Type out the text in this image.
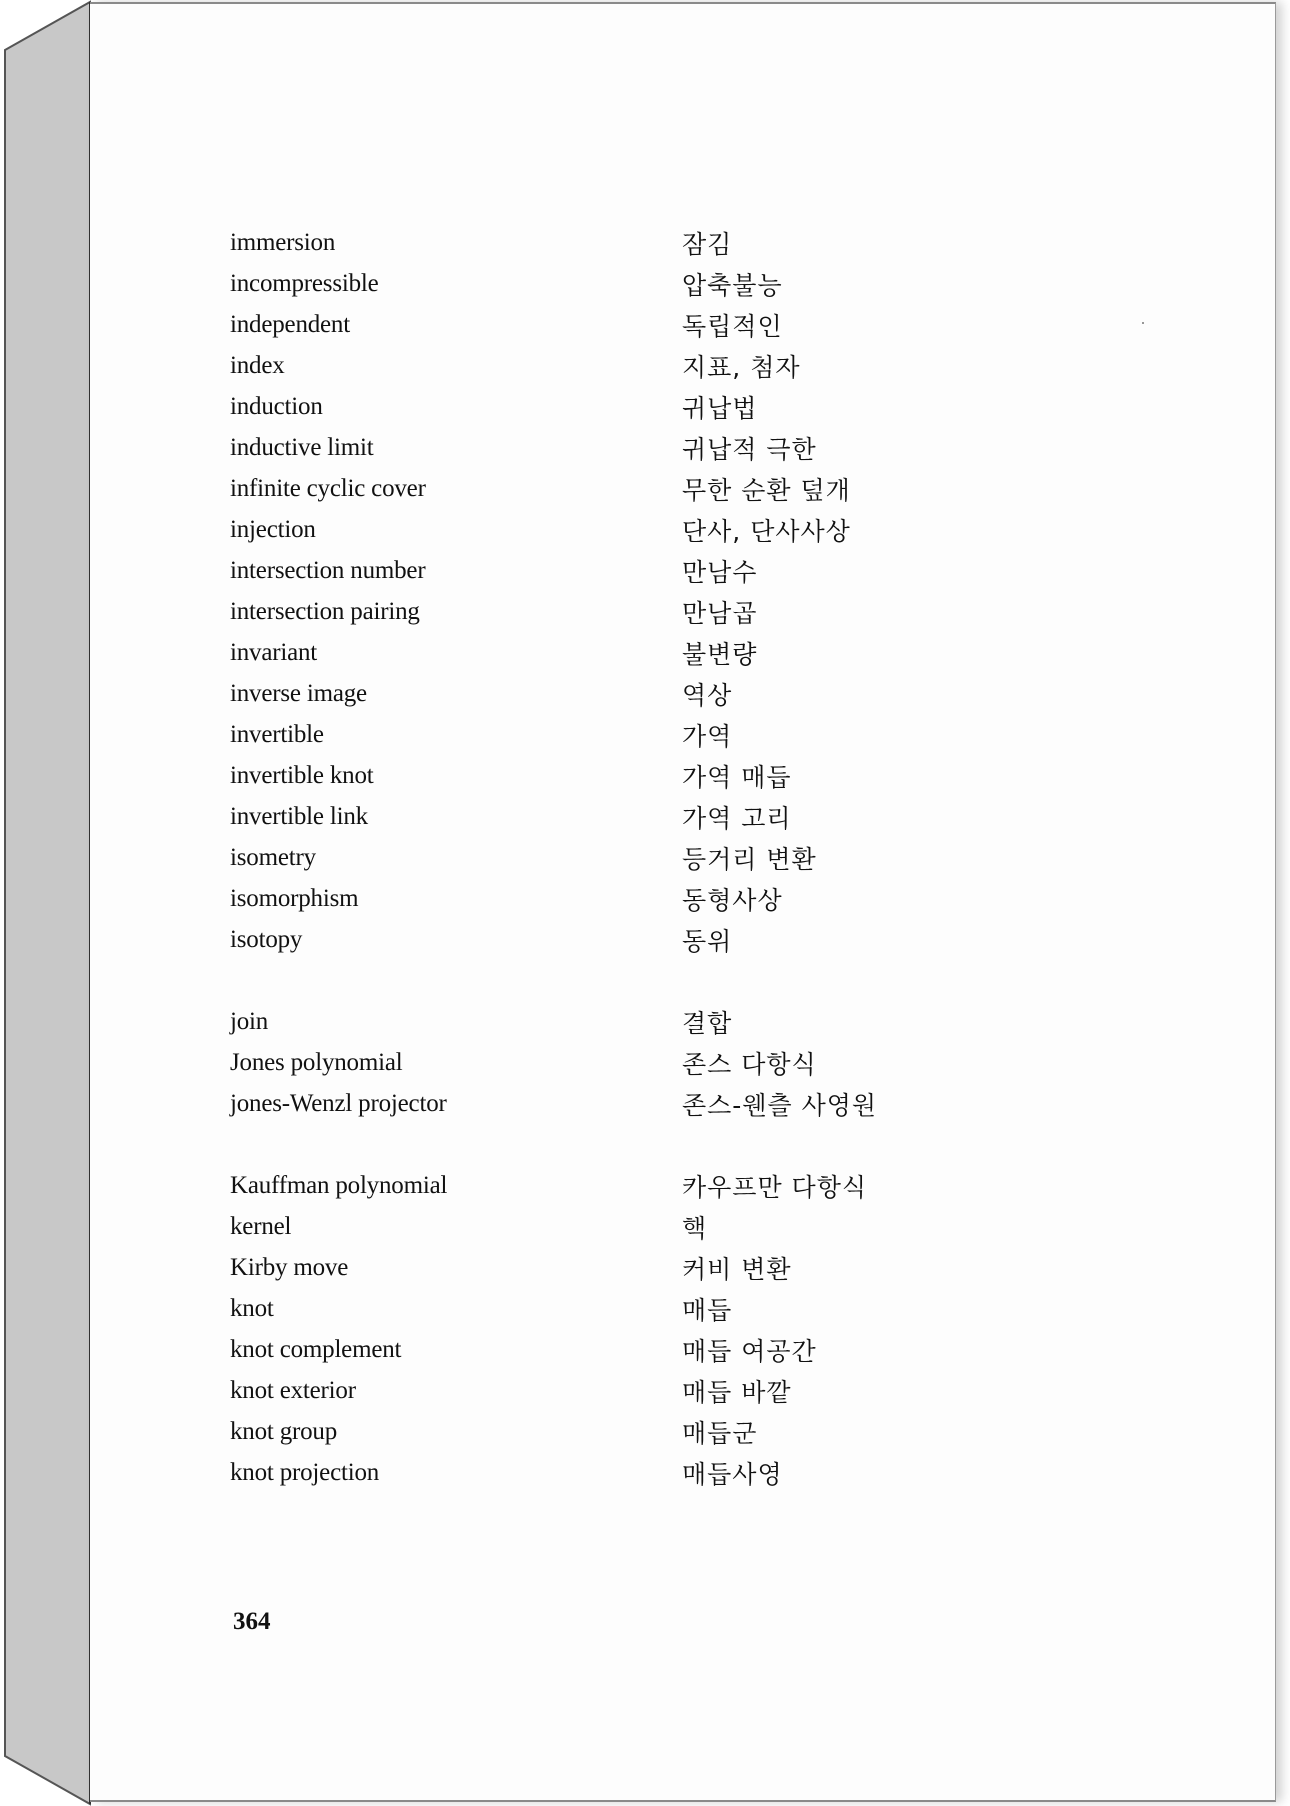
immersion	잠김
incompressible	압축불능
independent	독립적인
index	지표, 첨자
induction	귀납법
inductive limit	귀납적 극한
infinite cyclic cover	무한 순환 덮개
injection	단사, 단사사상
intersection number	만남수
intersection pairing	만남곱
invariant	불변량
inverse image	역상
invertible	가역
invertible knot	가역 매듭
invertible link	가역 고리
isometry	등거리 변환
isomorphism	동형사상
isotopy	동위
join	결합
Jones polynomial	존스 다항식
jones-Wenzl projector	존스-웬츨 사영원
Kauffman polynomial	카우프만 다항식
kernel	핵
Kirby move	커비 변환
knot	매듭
knot complement	매듭 여공간
knot exterior	매듭 바깥
knot group	매듭군
knot projection	매듭사영
364
